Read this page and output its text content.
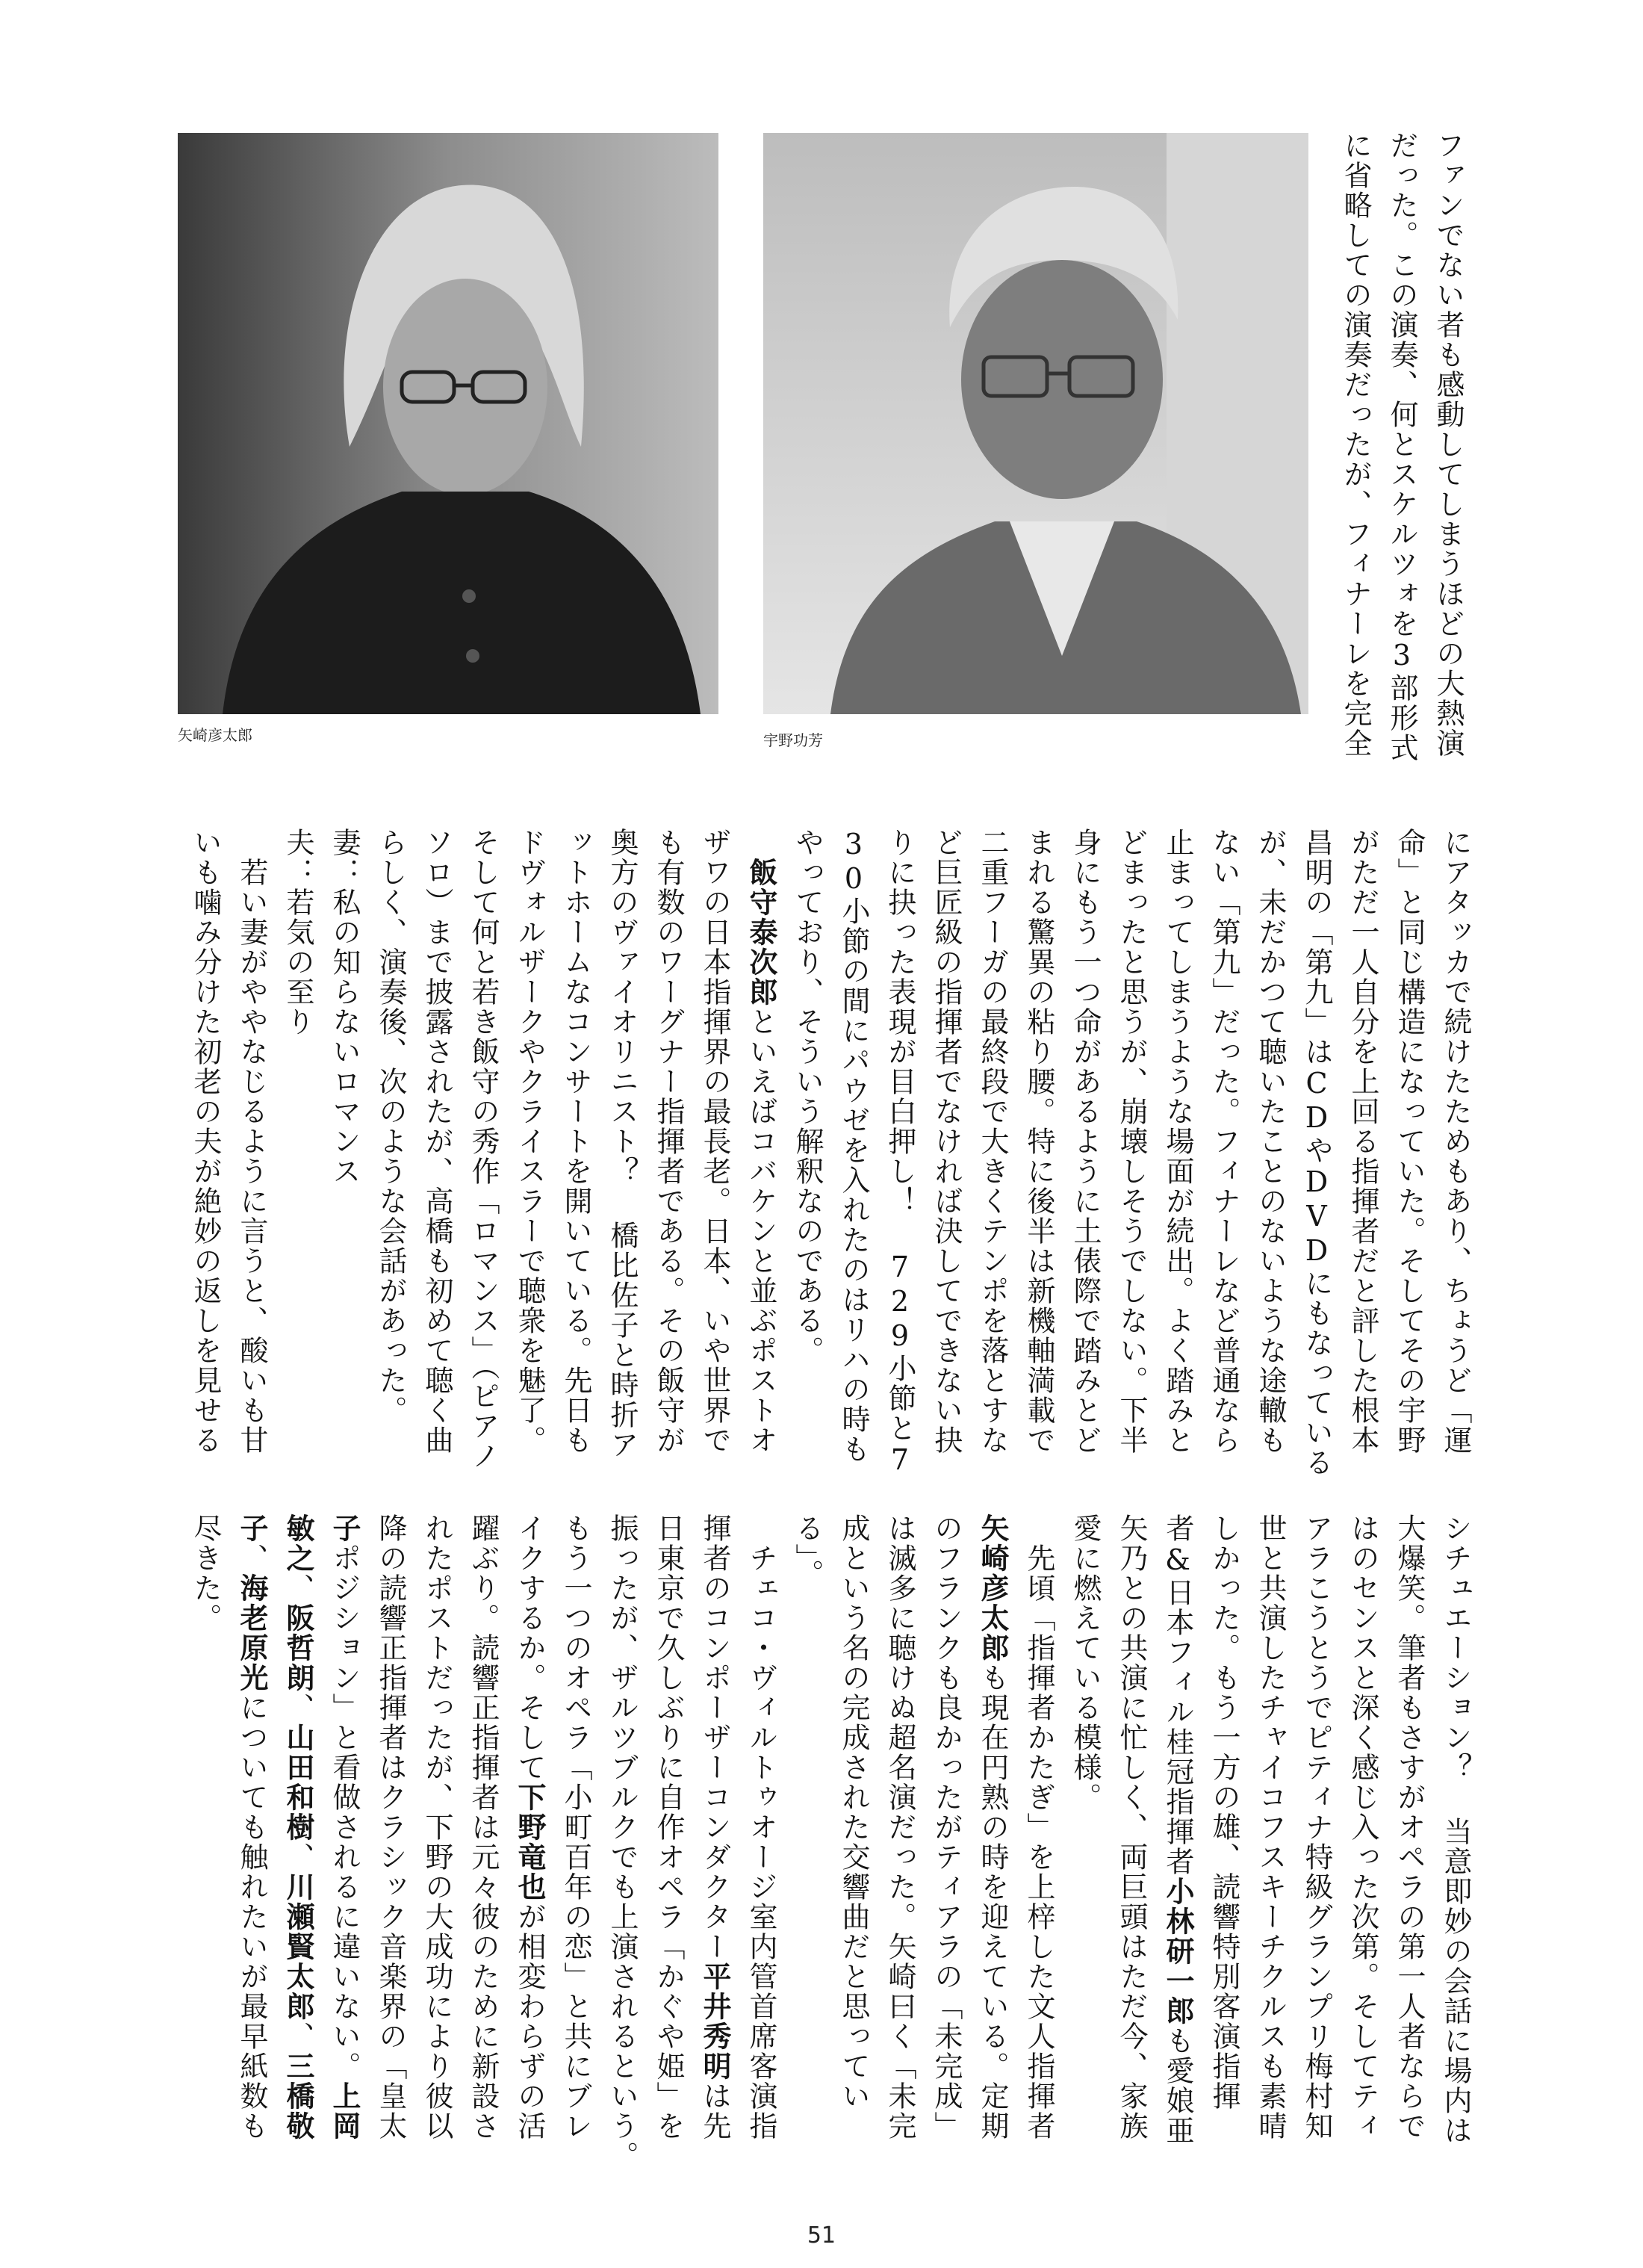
矢崎彦太郎	宇野功芳	ファンでない者も感動してしまうほどの大熱演
だった。この演奏、何とスケルツォを3部形式
に省略しての演奏だったが、フィナーレを完全
にアタッカで続けたためもあり、ちょうど「運
命」と同じ構造になっていた。そしてその宇野
がただ一人自分を上回る指揮者だと評した根本
昌明の「第九」はCDやDVDにもなっている
が、未だかつて聴いたことのないような途轍も
ない「第九」だった。フィナーレなど普通なら
止まってしまうような場面が続出。よく踏みと
どまったと思うが、崩壊しそうでしない。下半
身にもう一つ命があるように土俵際で踏みとど
まれる驚異の粘り腰。特に後半は新機軸満載で
二重フーガの最終段で大きくテンポを落とすな
ど巨匠級の指揮者でなければ決してできない抉
りに抉った表現が目白押し！ 729小節と7
30小節の間にパウゼを入れたのはリハの時も
やっており、そういう解釈なのである。
　飯守泰次郎といえばコバケンと並ぶポストオ
ザワの日本指揮界の最長老。日本、いや世界で
も有数のワーグナー指揮者である。その飯守が
奥方のヴァイオリニスト？ 橋比佐子と時折ア
ットホームなコンサートを開いている。先日も
ドヴォルザークやクライスラーで聴衆を魅了。
そして何と若き飯守の秀作「ロマンス」（ピアノ
ソロ）まで披露されたが、高橋も初めて聴く曲
らしく、演奏後、次のような会話があった。
妻：私の知らないロマンス
夫：若気の至り
　若い妻がややなじるように言うと、酸いも甘
いも噛み分けた初老の夫が絶妙の返しを見せる
シチュエーション？ 当意即妙の会話に場内は
大爆笑。筆者もさすがオペラの第一人者ならで
はのセンスと深く感じ入った次第。そしてティ
アラこうとうでピティナ特級グランプリ梅村知
世と共演したチャイコフスキーチクルスも素晴
しかった。もう一方の雄、読響特別客演指揮
者&日本フィル桂冠指揮者小林研一郎も愛娘亜
矢乃との共演に忙しく、両巨頭はただ今、家族
愛に燃えている模様。
　先頃「指揮者かたぎ」を上梓した文人指揮者
矢崎彦太郎も現在円熟の時を迎えている。定期
のフランクも良かったがティアラの「未完成」
は滅多に聴けぬ超名演だった。矢崎曰く「未完
成という名の完成された交響曲だと思ってい
る」。
　チェコ・ヴィルトゥオージ室内管首席客演指
揮者のコンポーザーコンダクター平井秀明は先
日東京で久しぶりに自作オペラ「かぐや姫」を
振ったが、ザルツブルクでも上演されるという。
もう一つのオペラ「小町百年の恋」と共にブレ
イクするか。そして下野竜也が相変わらずの活
躍ぶり。読響正指揮者は元々彼のために新設さ
れたポストだったが、下野の大成功により彼以
降の読響正指揮者はクラシック音楽界の「皇太
子ポジション」と看做されるに違いない。上岡
敏之、阪哲朗、山田和樹、川瀬賢太郎、三橋敬
子、海老原光についても触れたいが最早紙数も
尽きた。
51
